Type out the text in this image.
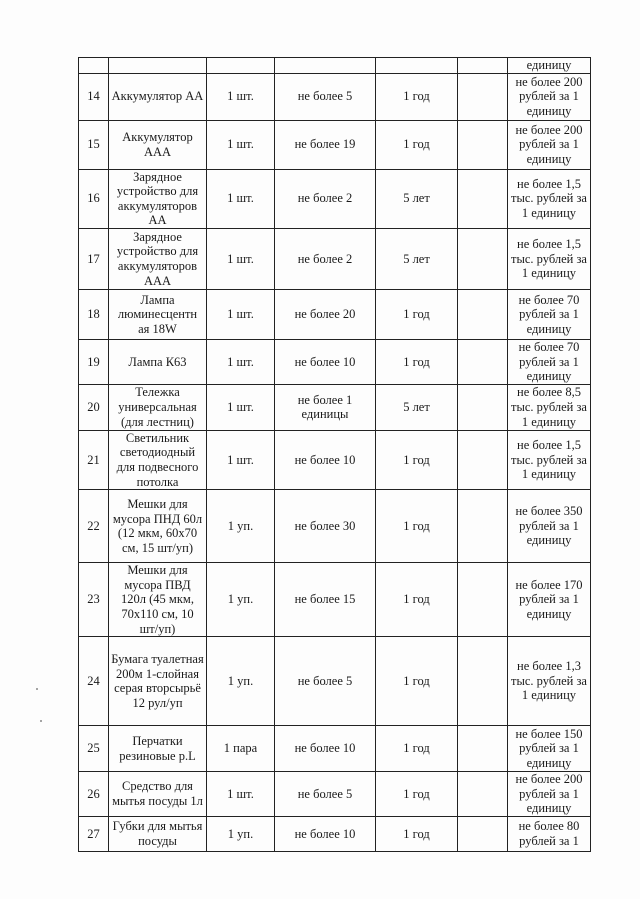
						единицу
14	Аккумулятор АА	1 шт.	не более 5	1 год		не более 200 рублей за 1 единицу
15	Аккумулятор ААА	1 шт.	не более 19	1 год		не более 200 рублей за 1 единицу
16	Зарядное устройство для аккумуляторов АА	1 шт.	не более 2	5 лет		не более 1,5 тыс. рублей за 1 единицу
17	Зарядное устройство для аккумуляторов ААА	1 шт.	не более 2	5 лет		не более 1,5 тыс. рублей за 1 единицу
18	Лампа люминесцентн ая 18W	1 шт.	не более 20	1 год		не более 70 рублей за 1 единицу
19	Лампа К63	1 шт.	не более 10	1 год		не более 70 рублей за 1 единицу
20	Тележка универсальная (для лестниц)	1 шт.	не более 1 единицы	5 лет		не более 8,5 тыс. рублей за 1 единицу
21	Светильник светодиодный для подвесного потолка	1 шт.	не более 10	1 год		не более 1,5 тыс. рублей за 1 единицу
22	Мешки для мусора ПНД 60л (12 мкм, 60х70 см, 15 шт/уп)	1 уп.	не более 30	1 год		не более 350 рублей за 1 единицу
23	Мешки для мусора ПВД 120л (45 мкм, 70х110 см, 10 шт/уп)	1 уп.	не более 15	1 год		не более 170 рублей за 1 единицу
24	Бумага туалетная 200м 1-слойная серая вторсырьё 12 рул/уп	1 уп.	не более 5	1 год		не более 1,3 тыс. рублей за 1 единицу
25	Перчатки резиновые р.L	1 пара	не более 10	1 год		не более 150 рублей за 1 единицу
26	Средство для мытья посуды 1л	1 шт.	не более 5	1 год		не более 200 рублей за 1 единицу
27	Губки для мытья посуды	1 уп.	не более 10	1 год		не более 80 рублей за 1
